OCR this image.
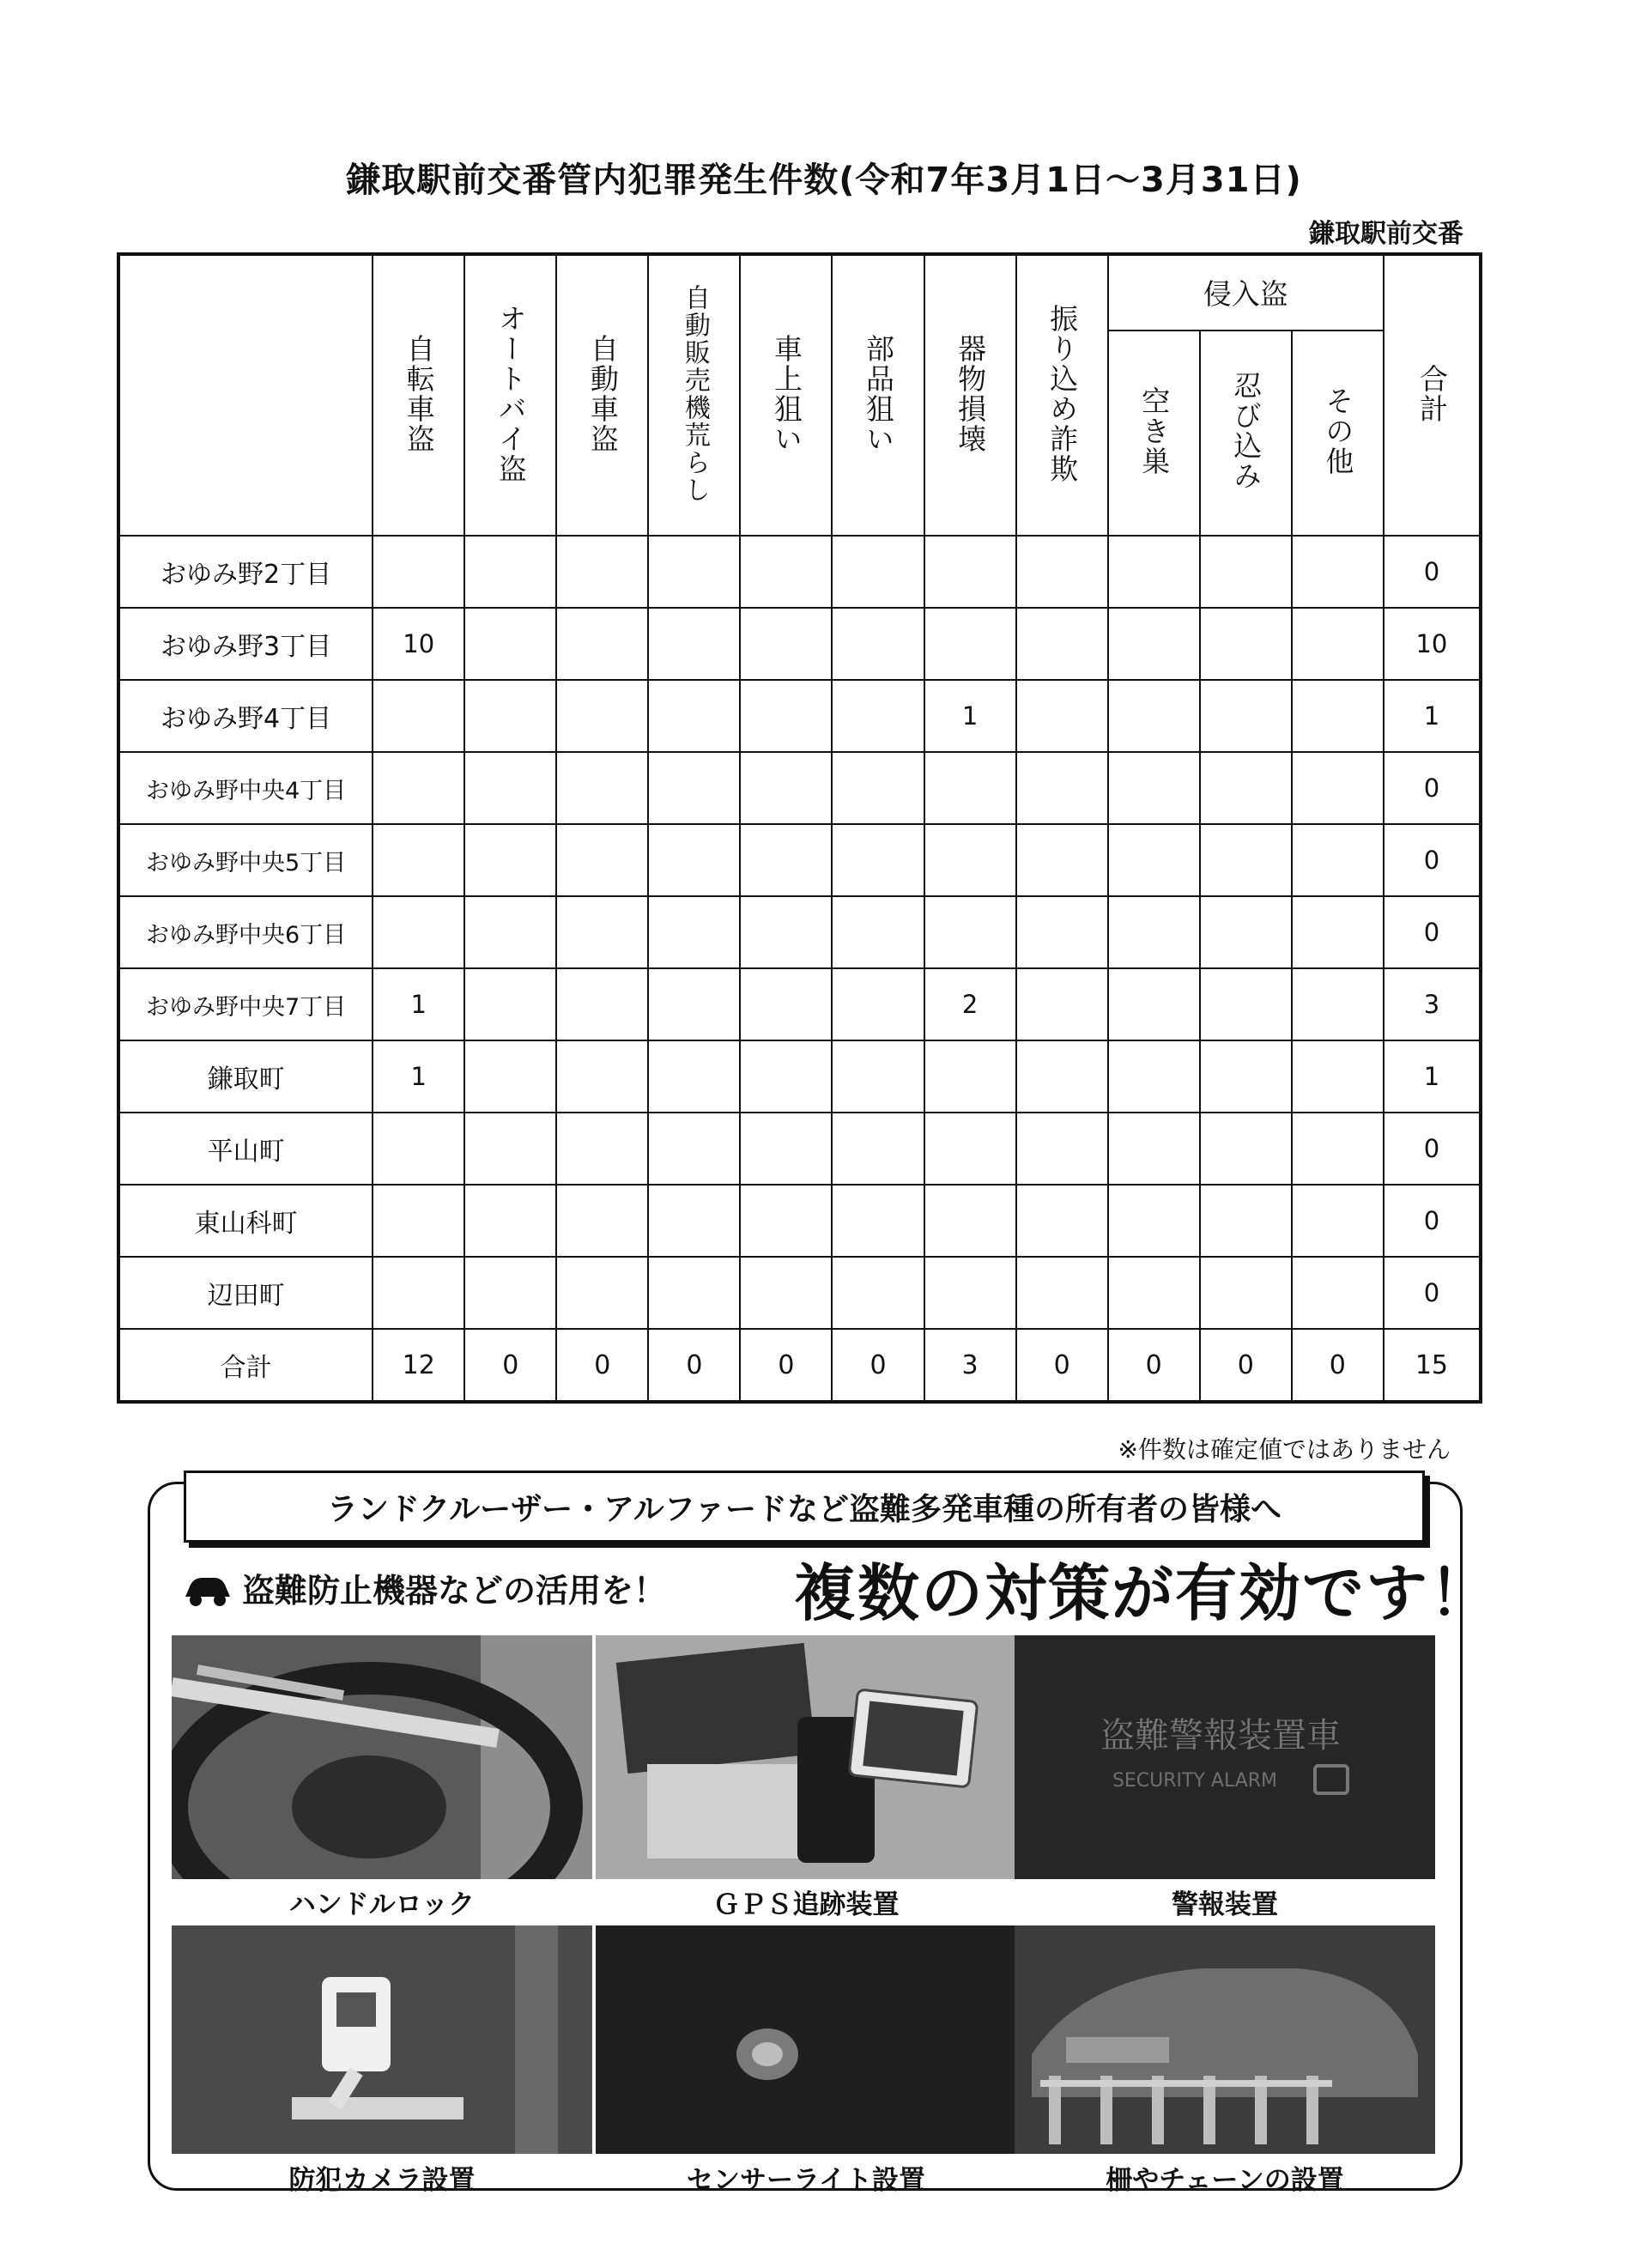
鎌取駅前交番管内犯罪発生件数(令和7年3月1日～3月31日)
鎌取駅前交番
	自転車盗	オートバイ盗	自動車盗	自動販売機荒らし	車上狙い	部品狙い	器物損壊	振り込め詐欺	侵入盗			合計
									空き巣	忍び込み	その他	
おゆみ野2丁目												0
おゆみ野3丁目	10											10
おゆみ野4丁目							1					1
おゆみ野中央4丁目												0
おゆみ野中央5丁目												0
おゆみ野中央6丁目												0
おゆみ野中央7丁目	1						2					3
鎌取町	1											1
平山町												0
東山科町												0
辺田町												0
合計	12	0	0	0	0	0	3	0	0	0	0	15
※件数は確定値ではありません
ランドクルーザー・アルファードなど盗難多発車種の所有者の皆様へ
盗難防止機器などの活用を！ 複数の対策が有効です！
ハンドルロック	ＧＰＳ追跡装置
盗難警報装置車
SECURITY ALARM
警報装置
防犯カメラ設置	センサーライト設置	柵やチェーンの設置
